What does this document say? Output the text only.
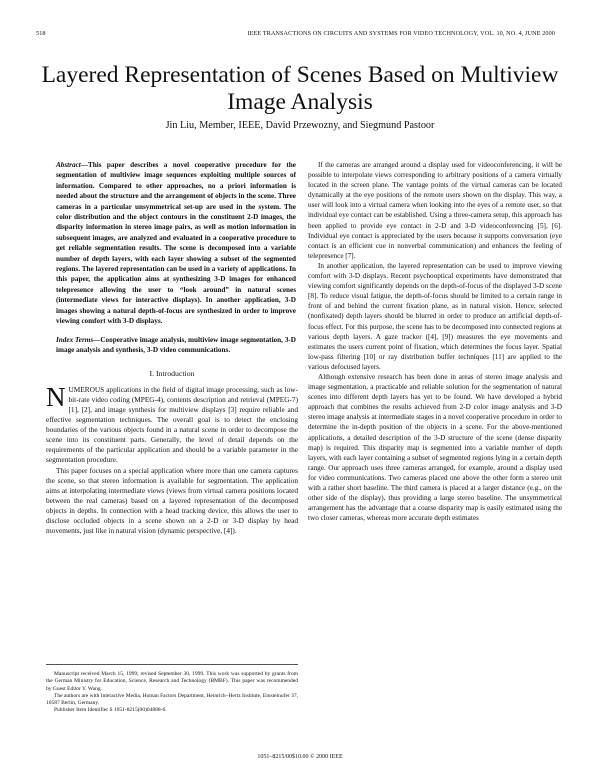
518	IEEE TRANSACTIONS ON CIRCUITS AND SYSTEMS FOR VIDEO TECHNOLOGY, VOL. 10, NO. 4, JUNE 2000
Layered Representation of Scenes Based on Multiview Image Analysis
Jin Liu, Member, IEEE, David Przewozny, and Siegmund Pastoor

Abstract—This paper describes a novel cooperative procedure for the segmentation of multiview image sequences exploiting multiple sources of information. Compared to other approaches, no a priori information is needed about the structure and the arrangement of objects in the scene. Three cameras in a particular unsymmetrical set-up are used in the system. The color distribution and the object contours in the constituent 2-D images, the disparity information in stereo image pairs, as well as motion information in subsequent images, are analyzed and evaluated in a cooperative procedure to get reliable segmentation results. The scene is decomposed into a variable number of depth layers, with each layer showing a subset of the segmented regions. The layered representation can be used in a variety of applications. In this paper, the application aims at synthesizing 3-D images for enhanced telepresence allowing the user to “look around” in natural scenes (intermediate views for interactive displays). In another application, 3-D images showing a natural depth-of-focus are synthesized in order to improve viewing comfort with 3-D displays.

Index Terms—Cooperative image analysis, multiview image segmentation, 3-D image analysis and synthesis, 3-D video communications.

I. Introduction

NUMEROUS applications in the field of digital image processing, such as low-bit-rate video coding (MPEG-4), contents description and retrieval (MPEG-7) [1], [2], and image synthesis for multiview displays [3] require reliable and effective segmentation techniques. The overall goal is to detect the enclosing boundaries of the various objects found in a natural scene in order to decompose the scene into its constituent parts. Generally, the level of detail depends on the requirements of the particular application and should be a variable parameter in the segmentation procedure.

This paper focuses on a special application where more than one camera captures the scene, so that stereo information is available for segmentation. The application aims at interpolating intermediate views (views from virtual camera positions located between the real cameras) based on a layered representation of the decomposed objects in depths. In connection with a head tracking device, this allows the user to disclose occluded objects in a scene shown on a 2-D or 3-D display by head movements, just like in natural vision (dynamic perspective, [4]).

Manuscript received March 15, 1999; revised September 30, 1999. This work was supported by grants from the German Ministry for Education, Science, Research and Technology (BMBF). This paper was recommended by Guest Editor Y. Wang.

The authors are with Interactive Media, Human Factors Department, Heinrich–Hertz Institute, Einsteinufer 37, 10587 Berlin, Germany.

Publisher Item Identifier S 1051-8215(00)04888-6.

If the cameras are arranged around a display used for videoconferencing, it will be possible to interpolate views corresponding to arbitrary positions of a camera virtually located in the screen plane. The vantage points of the virtual cameras can be located dynamically at the eye positions of the remote users shown on the display. This way, a user will look into a virtual camera when looking into the eyes of a remote user, so that individual eye contact can be established. Using a three-camera setup, this approach has been applied to provide eye contact in 2-D and 3-D videoconferencing [5], [6]. Individual eye contact is appreciated by the users because it supports conversation (eye contact is an efficient cue in nonverbal communication) and enhances the feeling of telepresence [7].

In another application, the layered representation can be used to improve viewing comfort with 3-D displays. Recent psychooptical experiments have demonstrated that viewing comfort significantly depends on the depth-of-focus of the displayed 3-D scene [8]. To reduce visual fatigue, the depth-of-focus should be limited to a certain range in front of and behind the current fixation plane, as in natural vision. Hence, selected (nonfixated) depth layers should be blurred in order to produce an artificial depth-of-focus effect. For this purpose, the scene has to be decomposed into connected regions at various depth layers. A gaze tracker ([4], [9]) measures the eye movements and estimates the users current point of fixation, which determines the focus layer. Spatial low-pass filtering [10] or ray distribution buffer techniques [11] are applied to the various defocused layers.

Although extensive research has been done in areas of stereo image analysis and image segmentation, a practicable and reliable solution for the segmentation of natural scenes into different depth layers has yet to be found. We have developed a hybrid approach that combines the results achieved from 2-D color image analysis and 3-D stereo image analysis at intermediate stages in a novel cooperative procedure in order to determine the in-depth position of the objects in a scene. For the above-mentioned applications, a detailed description of the 3-D structure of the scene (dense disparity map) is required. This disparity map is segmented into a variable number of depth layers, with each layer containing a subset of segmented regions lying in a certain depth range. Our approach uses three cameras arranged, for example, around a display used for video communications. Two cameras placed one above the other form a stereo unit with a rather short baseline. The third camera is placed at a larger distance (e.g., on the other side of the display), thus providing a large stereo baseline. The unsymmetrical arrangement has the advantage that a coarse disparity map is easily estimated using the two closer cameras, whereas more accurate depth estimates

1051–8215/00$10.00 © 2000 IEEE
